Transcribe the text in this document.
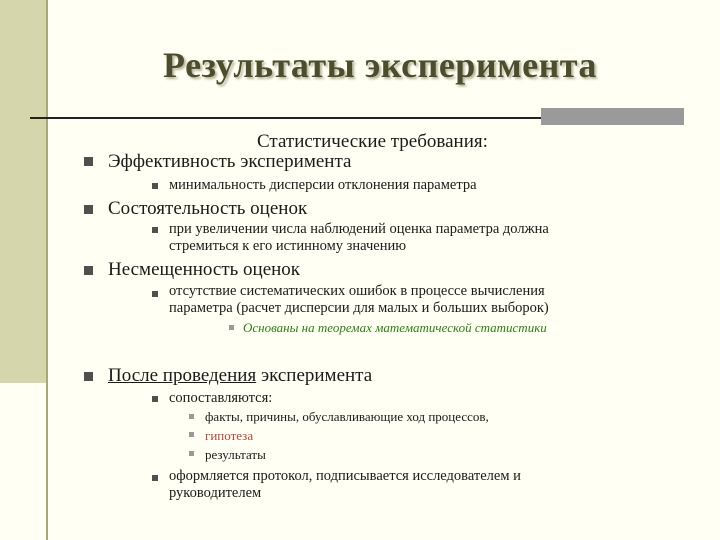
Результаты эксперимента
Статистические требования:
Эффективность эксперимента
минимальность дисперсии отклонения параметра
Состоятельность оценок
при увеличении числа наблюдений оценка параметра должна
стремиться к его истинному значению
Несмещенность оценок
отсутствие систематических ошибок в процессе вычисления
параметра (расчет дисперсии для малых и больших выборок)
Основаны на теоремах математической статистики
После проведения эксперимента
сопоставляются:
факты, причины, обуславливающие ход процессов,
гипотеза
результаты
оформляется протокол, подписывается исследователем и
руководителем
